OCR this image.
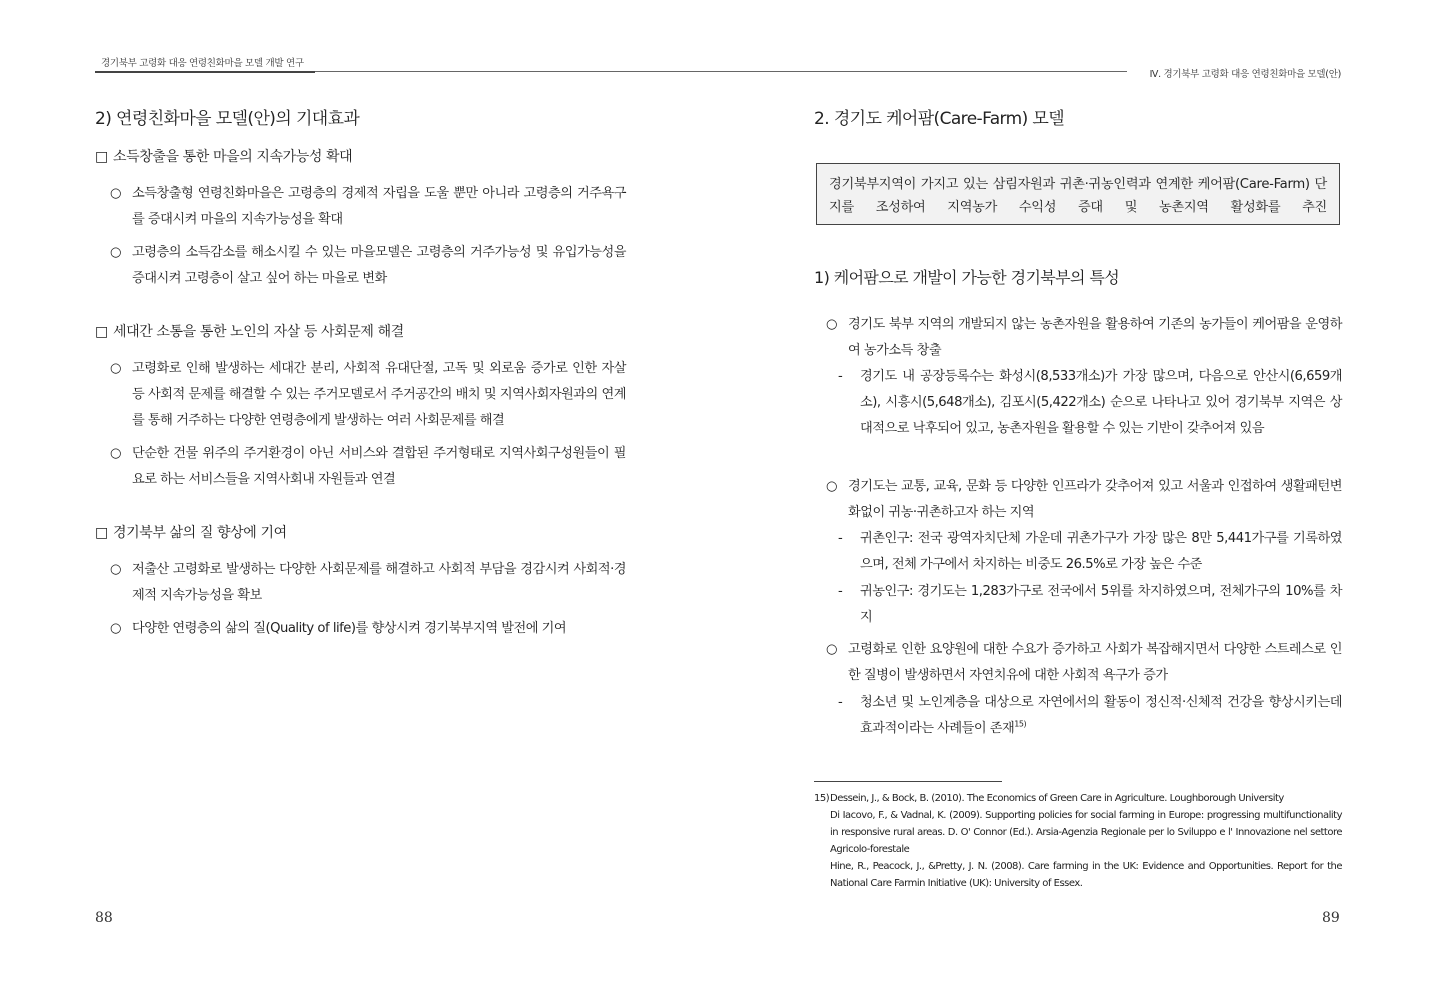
경기북부 고령화 대응 연령친화마을 모델 개발 연구
Ⅳ. 경기북부 고령화 대응 연령친화마을 모델(안)
2) 연령친화마을 모델(안)의 기대효과
□ 소득창출을 통한 마을의 지속가능성 확대
○ 소득창출형 연령친화마을은 고령층의 경제적 자립을 도울 뿐만 아니라 고령층의 거주욕구를 증대시켜 마을의 지속가능성을 확대
○ 고령층의 소득감소를 해소시킬 수 있는 마을모델은 고령층의 거주가능성 및 유입가능성을 증대시켜 고령층이 살고 싶어 하는 마을로 변화
□ 세대간 소통을 통한 노인의 자살 등 사회문제 해결
○ 고령화로 인해 발생하는 세대간 분리, 사회적 유대단절, 고독 및 외로움 증가로 인한 자살 등 사회적 문제를 해결할 수 있는 주거모델로서 주거공간의 배치 및 지역사회자원과의 연계를 통해 거주하는 다양한 연령층에게 발생하는 여러 사회문제를 해결
○ 단순한 건물 위주의 주거환경이 아닌 서비스와 결합된 주거형태로 지역사회구성원들이 필요로 하는 서비스들을 지역사회내 자원들과 연결
□ 경기북부 삶의 질 향상에 기여
○ 저출산 고령화로 발생하는 다양한 사회문제를 해결하고 사회적 부담을 경감시켜 사회적·경제적 지속가능성을 확보
○ 다양한 연령층의 삶의 질(Quality of life)를 향상시켜 경기북부지역 발전에 기여
88
2. 경기도 케어팜(Care-Farm) 모델
경기북부지역이 가지고 있는 삼림자원과 귀촌·귀농인력과 연계한 케어팜(Care-Farm) 단지를 조성하여 지역농가 수익성 증대 및 농촌지역 활성화를 추진
1) 케어팜으로 개발이 가능한 경기북부의 특성
○ 경기도 북부 지역의 개발되지 않는 농촌자원을 활용하여 기존의 농가들이 케어팜을 운영하여 농가소득 창출
-	경기도 내 공장등록수는 화성시(8,533개소)가 가장 많으며, 다음으로 안산시(6,659개소), 시흥시(5,648개소), 김포시(5,422개소) 순으로 나타나고 있어 경기북부 지역은 상대적으로 낙후되어 있고, 농촌자원을 활용할 수 있는 기반이 갖추어져 있음
○ 경기도는 교통, 교육, 문화 등 다양한 인프라가 갖추어져 있고 서울과 인접하여 생활패턴변화없이 귀농·귀촌하고자 하는 지역
-	귀촌인구: 전국 광역자치단체 가운데 귀촌가구가 가장 많은 8만 5,441가구를 기록하였으며, 전체 가구에서 차지하는 비중도 26.5%로 가장 높은 수준
-	귀농인구: 경기도는 1,283가구로 전국에서 5위를 차지하였으며, 전체가구의 10%를 차지
○ 고령화로 인한 요양원에 대한 수요가 증가하고 사회가 복잡해지면서 다양한 스트레스로 인한 질병이 발생하면서 자연치유에 대한 사회적 욕구가 증가
-	청소년 및 노인계층을 대상으로 자연에서의 활동이 정신적·신체적 건강을 향상시키는데 효과적이라는 사례들이 존재$^{15)}$
15)Dessein, J., & Bock, B. (2010). The Economics of Green Care in Agriculture. Loughborough University
Di Iacovo, F., & Vadnal, K. (2009). Supporting policies for social farming in Europe: progressing multifunctionality in responsive rural areas. D. O' Connor (Ed.). Arsia-Agenzia Regionale per lo Sviluppo e l' Innovazione nel settore Agricolo-forestale
Hine, R., Peacock, J., &Pretty, J. N. (2008). Care farming in the UK: Evidence and Opportunities. Report for the National Care Farmin Initiative (UK): University of Essex.
89
